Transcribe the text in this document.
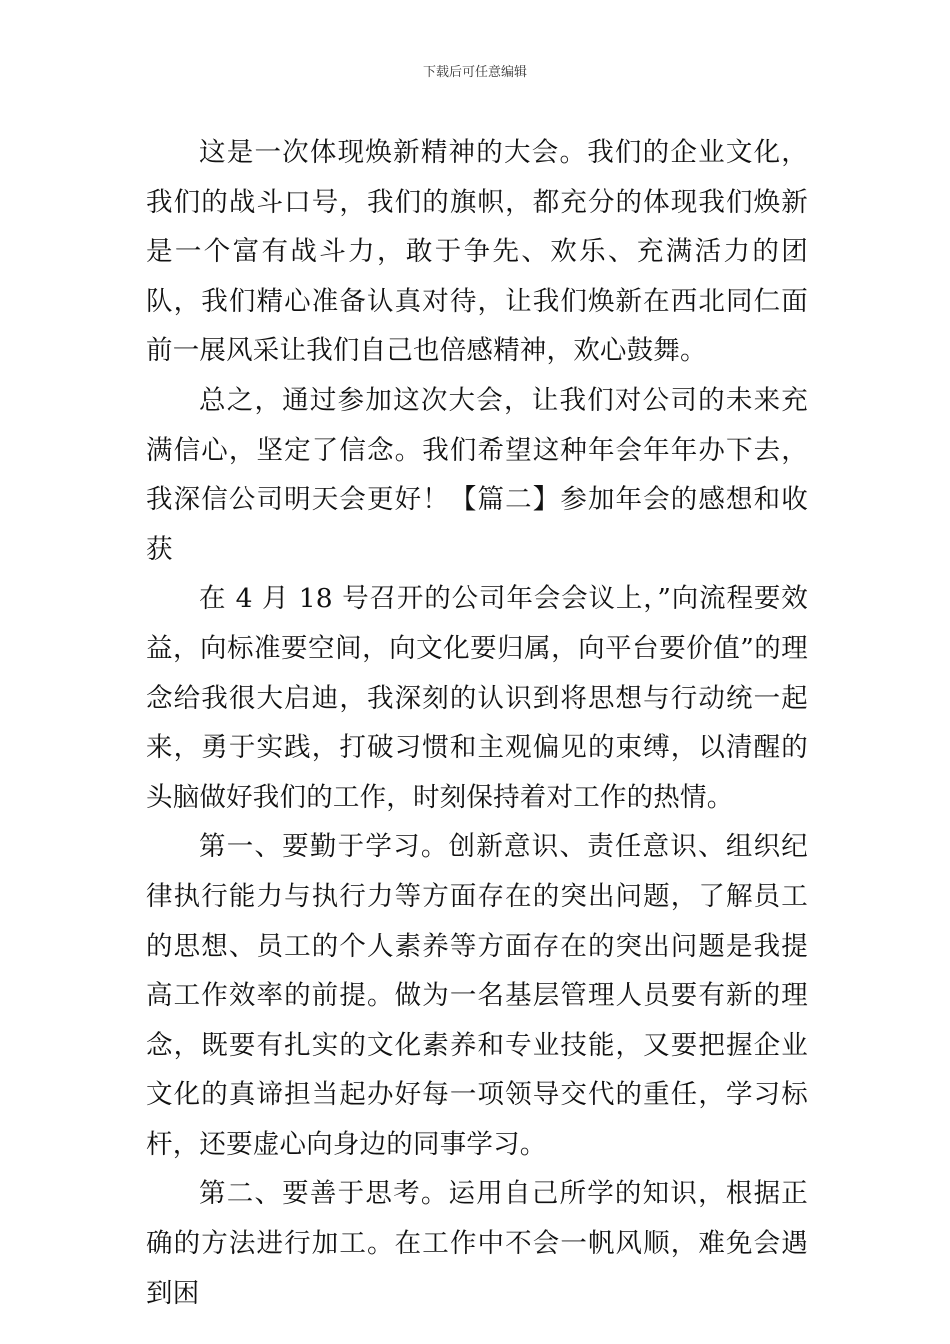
下载后可任意编辑

这是一次体现焕新精神的大会。我们的企业文化，我们的战斗口号，我们的旗帜，都充分的体现我们焕新是一个富有战斗力，敢于争先、欢乐、充满活力的团队，我们精心准备认真对待，让我们焕新在西北同仁面前一展风采让我们自己也倍感精神，欢心鼓舞。

总之，通过参加这次大会，让我们对公司的未来充满信心，坚定了信念。我们希望这种年会年年办下去，我深信公司明天会更好！【篇二】参加年会的感想和收获

在 4 月 18 号召开的公司年会会议上，”向流程要效益，向标准要空间，向文化要归属，向平台要价值”的理念给我很大启迪，我深刻的认识到将思想与行动统一起来，勇于实践，打破习惯和主观偏见的束缚，以清醒的头脑做好我们的工作，时刻保持着对工作的热情。

第一、要勤于学习。创新意识、责任意识、组织纪律执行能力与执行力等方面存在的突出问题，了解员工的思想、员工的个人素养等方面存在的突出问题是我提高工作效率的前提。做为一名基层管理人员要有新的理念，既要有扎实的文化素养和专业技能，又要把握企业文化的真谛担当起办好每一项领导交代的重任，学习标杆，还要虚心向身边的同事学习。

第二、要善于思考。运用自己所学的知识，根据正确的方法进行加工。在工作中不会一帆风顺，难免会遇到困
